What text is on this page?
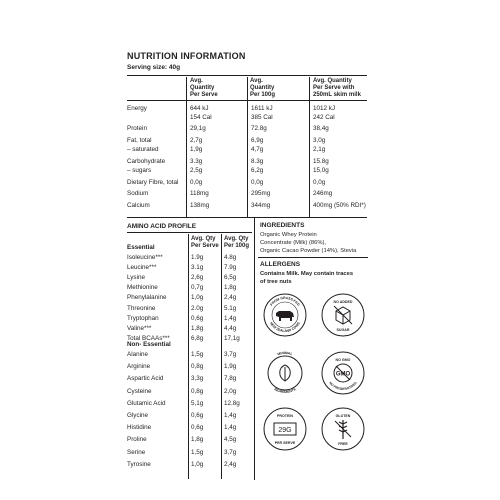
NUTRITION INFORMATION
Serving size: 40g
Avg.
Quantity
Per Serve
Avg.
Quantity
Per 100g
Avg. Quantity
Per Serve with
250mL skim milk
Energy	644 kJ	1611 kJ	1012 kJ
154 Cal	385 Cal	242 Cal
Protein	29,1g	72.8g	38,4g
Fat, total	2,7g	6,9g	3,0g
– saturated	1,9g	4,7g	2,1g
Carbohydrate	3.3g	8.3g	15.8g
– sugars	2,5g	6,2g	15,0g
Dietary Fibre, total 0,0g	0,0g	0,0g
Sodium	118mg	295mg	246mg
Calcium	138mg	344mg	400mg (50% RDI*)
AMINO ACID PROFILE
Avg. Qty
Per Serve
Avg. Qty
Per 100g
Essential
Non- Essential
Isoleucine***	1.9g	4.8g
Leucine***	3.1g	7.9g
Lysine	2,6g	6,5g
Methionine	0,7g	1,8g
Phenylalanine	1,0g	2,4g
Threonine	2.0g	5.1g
Tryptophan	0,6g	1,4g
Valine***	1,8g	4,4g
Total BCAAs***	6,8g	17,1g
Alanine	1,5g	3,7g
Arginine	0,8g	1,9g
Aspartic Acid	3,3g	7,8g
Cysteine	0,8g	2,0g
Glutamic Acid	5,1g	12.8g
Glycine	0,6g	1,4g
Histidine	0,6g	1,4g
Proline	1,8g	4,5g
Serine	1,5g	3,7g
Tyrosine	1,0g	2,4g
INGREDIENTS
Organic Whey Protein
Concentrate (Milk) (86%),
Organic Cacao Powder (14%), Stevia
ALLERGENS
Contains Milk. May contain traces
of tree nuts
FROM GRASS-FED
NEW ZEALAND COWS
NO ADDED
SUGAR
MINIMAL
INGREDIENTS
NO GMO
GMO
NO PRESERVATIVES
PROTEIN
29G
PER SERVE
GLUTEN
FREE
